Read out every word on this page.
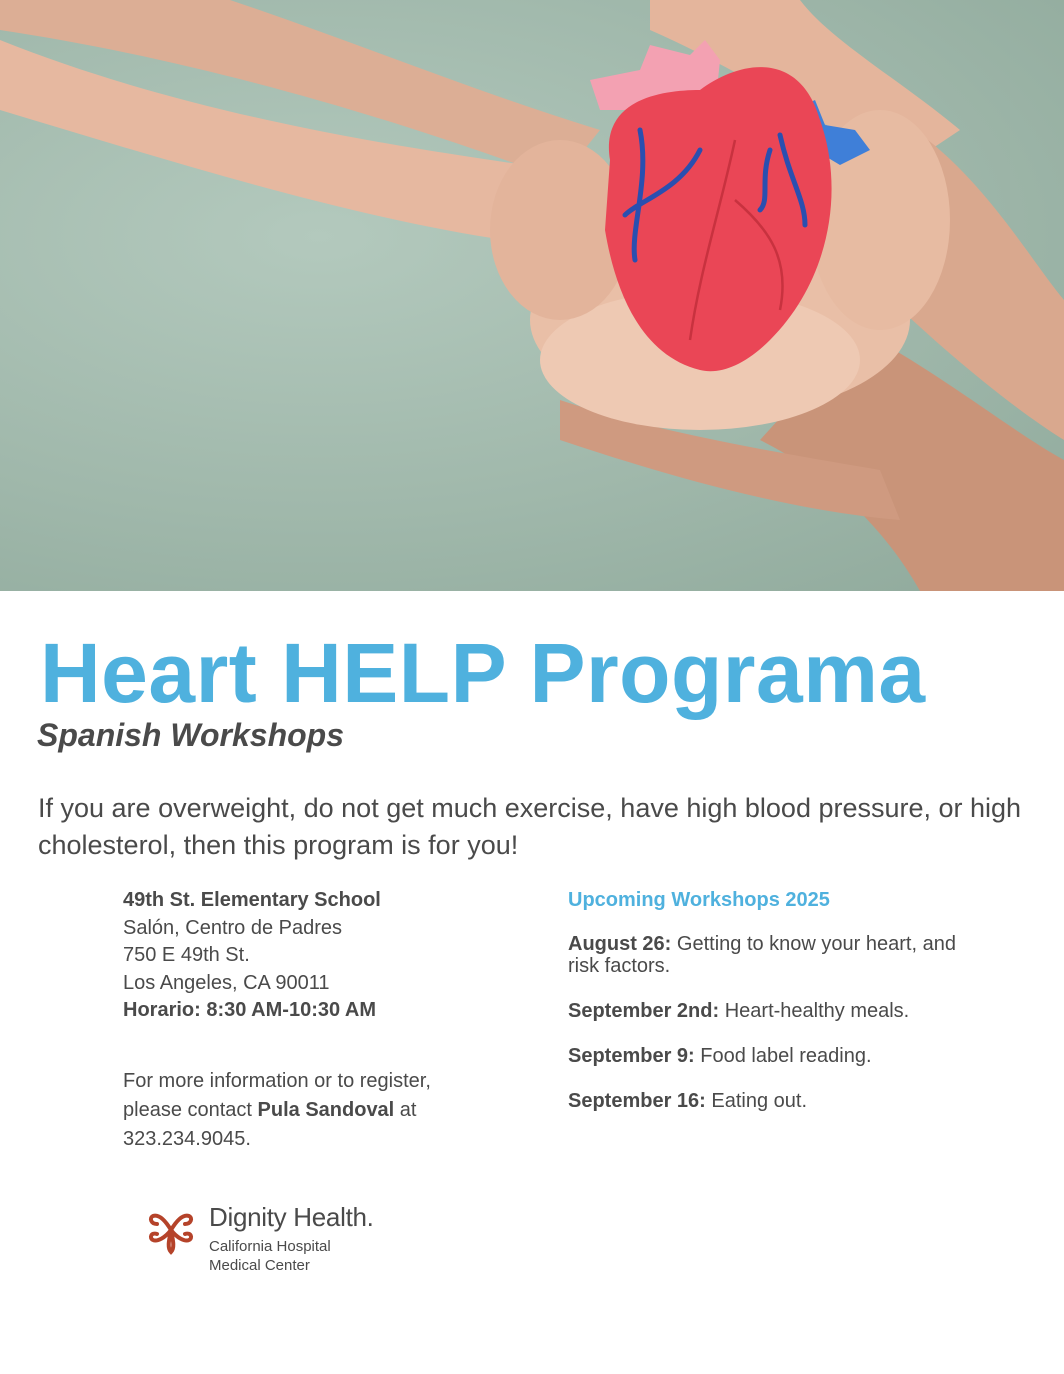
Heart HELP Programa
Spanish Workshops
If you are overweight, do not get much exercise, have high blood pressure, or high cholesterol, then this program is for you!
49th St. Elementary School
Salón, Centro de Padres
750 E 49th St.
Los Angeles, CA 90011
Horario: 8:30 AM-10:30 AM
For more information or to register, please contact Pula Sandoval at 323.234.9045.
Upcoming Workshops 2025
August 26: Getting to know your heart, and risk factors.
September 2nd: Heart-healthy meals.
September 9: Food label reading.
September 16: Eating out.
Dignity Health.
California Hospital
Medical Center
